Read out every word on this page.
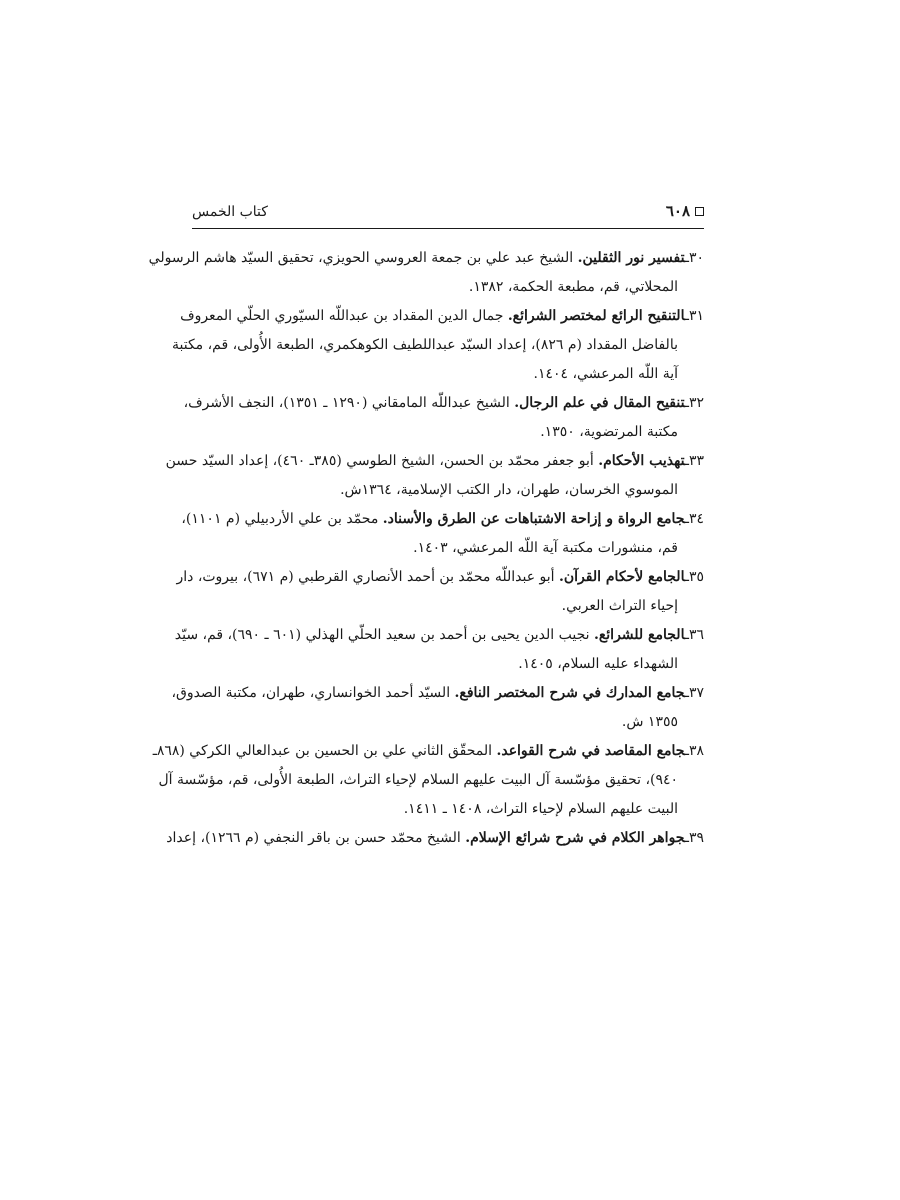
كتاب الخمس	٦٠٨
٣٠ـتفسير نور الثقلين. الشيخ عبد علي بن جمعة العروسي الحويزي، تحقيق السيّد هاشم الرسولي
المحلاتي، قم، مطبعة الحكمة، ١٣٨٢.
٣١ـالتنقيح الرائع لمختصر الشرائع. جمال الدين المقداد بن عبداللّه السيّوري الحلّي المعروف
بالفاضل المقداد (م ٨٢٦)، إعداد السيّد عبداللطيف الكوهكمري، الطبعة الأُولى، قم، مكتبة
آية اللّه المرعشي، ١٤٠٤.
٣٢ـتنقيح المقال في علم الرجال. الشيخ عبداللّه المامقاني (١٢٩٠ ـ ١٣٥١)، النجف الأشرف،
مكتبة المرتضوية، ١٣٥٠.
٣٣ـتهذيب الأحكام. أبو جعفر محمّد بن الحسن، الشيخ الطوسي (٣٨٥ـ ٤٦٠)، إعداد السيّد حسن
الموسوي الخرسان، طهران، دار الكتب الإسلامية، ١٣٦٤ش.
٣٤ـجامع الرواة و إزاحة الاشتباهات عن الطرق والأسناد. محمّد بن علي الأردبيلي (م ١١٠١)،
قم، منشورات مكتبة آية اللّه المرعشي، ١٤٠٣.
٣٥ـالجامع لأحكام القرآن. أبو عبداللّه محمّد بن أحمد الأنصاري القرطبي (م ٦٧١)، بيروت، دار
إحياء التراث العربي.
٣٦ـالجامع للشرائع. نجيب الدين يحيى بن أحمد بن سعيد الحلّي الهذلي (٦٠١ ـ ٦٩٠)، قم، سيّد
الشهداء عليه السلام، ١٤٠٥.
٣٧ـجامع المدارك في شرح المختصر النافع. السيّد أحمد الخوانساري، طهران، مكتبة الصدوق،
١٣٥٥ ش.
٣٨ـجامع المقاصد في شرح القواعد. المحقّق الثاني علي بن الحسين بن عبدالعالي الكركي (٨٦٨ـ
٩٤٠)، تحقيق مؤسّسة آل البيت عليهم السلام لإحياء التراث، الطبعة الأُولى، قم، مؤسّسة آل
البيت عليهم السلام لإحياء التراث، ١٤٠٨ ـ ١٤١١.
٣٩ـجواهر الكلام في شرح شرائع الإسلام. الشيخ محمّد حسن بن باقر النجفي (م ١٢٦٦)، إعداد
